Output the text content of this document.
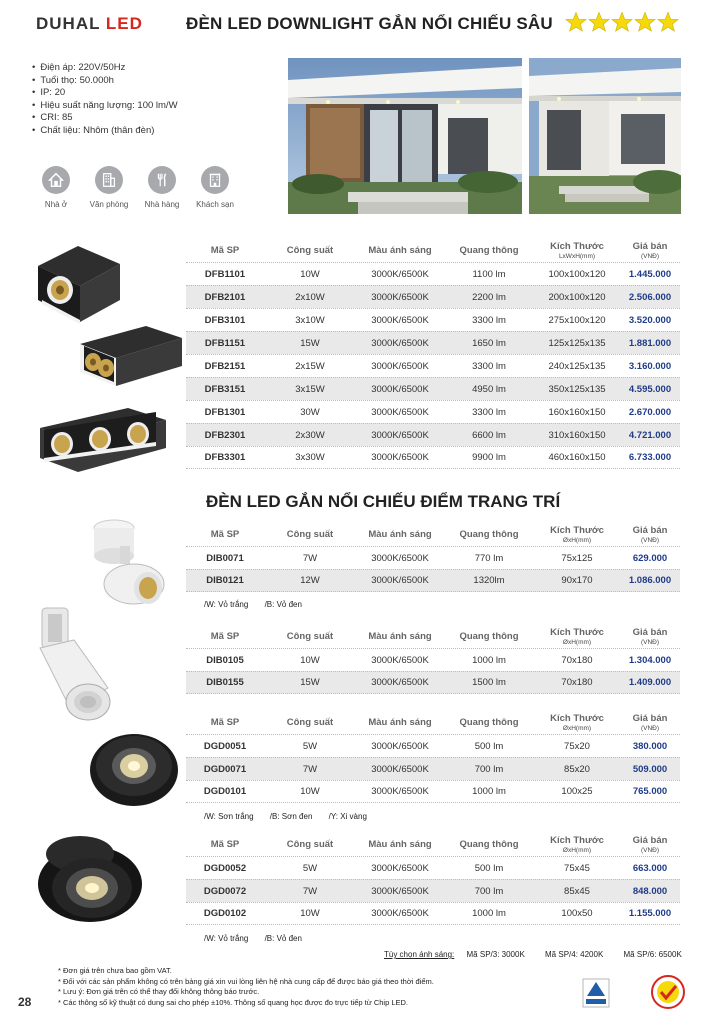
DUHAL LED	ĐÈN LED DOWNLIGHT GẮN NỔI CHIẾU SÂU
• Điện áp: 220V/50Hz
• Tuổi thọ: 50.000h
• IP: 20
• Hiệu suất năng lượng: 100 lm/W
• CRI: 85
• Chất liệu: Nhôm (thân đèn)
Nhà ở	Văn phòng	Nhà hàng	Khách sạn
Mã SP	Công suất	Màu ánh sáng	Quang thông	Kích Thước
LxWxH(mm)
Giá bán
(VNĐ)
DFB1101	10W	3000K/6500K	1100 lm	100x100x120	1.445.000
DFB2101	2x10W	3000K/6500K	2200 lm	200x100x120	2.506.000
DFB3101	3x10W	3000K/6500K	3300 lm	275x100x120	3.520.000
DFB1151	15W	3000K/6500K	1650 lm	125x125x135	1.881.000
DFB2151	2x15W	3000K/6500K	3300 lm	240x125x135	3.160.000
DFB3151	3x15W	3000K/6500K	4950 lm	350x125x135	4.595.000
DFB1301	30W	3000K/6500K	3300 lm	160x160x150	2.670.000
DFB2301	2x30W	3000K/6500K	6600 lm	310x160x150	4.721.000
DFB3301	3x30W	3000K/6500K	9900 lm	460x160x150	6.733.000
ĐÈN LED GẮN NỔI CHIẾU ĐIỂM TRANG TRÍ
Mã SP	Công suất	Màu ánh sáng	Quang thông	Kích Thước
ØxH(mm)
Giá bán
(VNĐ)
DIB0071	7W	3000K/6500K	770 lm	75x125	629.000
DIB0121	12W	3000K/6500K	1320lm	90x170	1.086.000
/W: Vỏ trắng /B: Vỏ đen
Mã SP	Công suất	Màu ánh sáng	Quang thông	Kích Thước
ØxH(mm)
Giá bán
(VNĐ)
DIB0105	10W	3000K/6500K	1000 lm	70x180	1.304.000
DIB0155	15W	3000K/6500K	1500 lm	70x180	1.409.000
Mã SP	Công suất	Màu ánh sáng	Quang thông	Kích Thước
ØxH(mm)
Giá bán
(VNĐ)
DGD0051	5W	3000K/6500K	500 lm	75x20	380.000
DGD0071	7W	3000K/6500K	700 lm	85x20	509.000
DGD0101	10W	3000K/6500K	1000 lm	100x25	765.000
/W: Sơn trắng /B: Sơn đen /Y: Xi vàng
Mã SP	Công suất	Màu ánh sáng	Quang thông	Kích Thước
ØxH(mm)
Giá bán
(VNĐ)
DGD0052	5W	3000K/6500K	500 lm	75x45	663.000
DGD0072	7W	3000K/6500K	700 lm	85x45	848.000
DGD0102	10W	3000K/6500K	1000 lm	100x50	1.155.000
/W: Vỏ trắng /B: Vỏ đen
Tùy chọn ánh sáng: Mã SP/3: 3000K	Mã SP/4: 4200K	Mã SP/6: 6500K
* Đơn giá trên chưa bao gồm VAT.
* Đối với các sản phẩm không có trên bảng giá xin vui lòng liên hệ nhà cung cấp để được báo giá theo thời điểm.
* Lưu ý: Đơn giá trên có thể thay đổi không thông báo trước.
* Các thông số kỹ thuật có dung sai cho phép ±10%. Thông số quang học được đo trực tiếp từ Chip LED.
28
